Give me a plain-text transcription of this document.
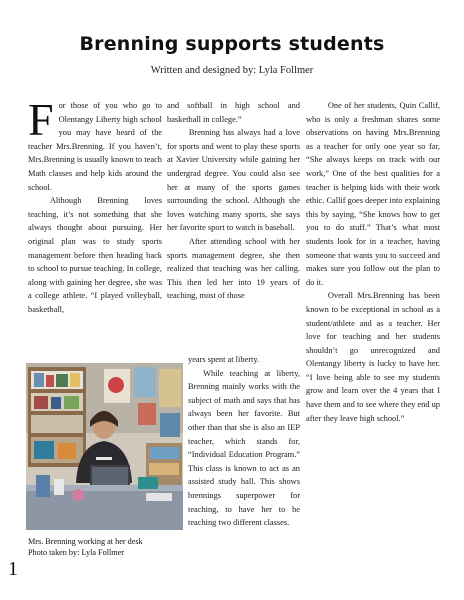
Brenning supports students
Written and designed by: Lyla Follmer

For those of you who go to Olentangy Liberty high school you may have heard of the teacher Mrs.Brenning. If you haven’t, Mrs.Brenning is usually known to teach Math classes and help kids around the school.

Although Brenning loves teaching, it’s not something that she always thought about pursuing. Her original plan was to study sports management before then heading back to school to pursue teaching. In college, along with gaining her degree, she was a college athlete. “I played volleyball, basketball,

and softball in high school and basketball in college.”

Brenning has always had a love for sports and went to play these sports at Xavier University while gaining her undergrad degree. You could also see her at many of the sports games surrounding the school. Although she loves watching many sports, she says her favorite sport to watch is baseball.

After attending school with her sports management degree, she then realized that teaching was her calling. This then led her into 19 years of teaching, most of those

years spent at liberty.

While teaching at liberty, Brenning mainly works with the subject of math and says that has always been her favorite. But other than that she is also an IEP teacher, which stands for, “Individual Education Program.” This class is known to act as an assisted study hall. This shows brennings superpower for teaching, to have her to be teaching two different classes.

One of her students, Quin Callif, who is only a freshman shares some observations on having Mrs.Brenning as a teacher for only one year so far, “She always keeps on track with our work,” One of the best qualities for a teacher is helping kids with their work ethic. Callif goes deeper into explaining this by saying, “She knows how to get you to do stuff.” That’s what most students look for in a teacher, having someone that wants you to succeed and makes sure you follow out the plan to do it.

Overall Mrs.Brenning has been known to be exceptional in school as a student/athlete and as a teacher. Her love for teaching and her students shouldn’t go unrecognized and Olentangy liberty is lucky to have her. “I love being able to see my students grow and learn over the 4 years that I have them and to see where they end up after they leave high school.”

Mrs. Brenning working at her desk
Photo taken by: Lyla Follmer
1
